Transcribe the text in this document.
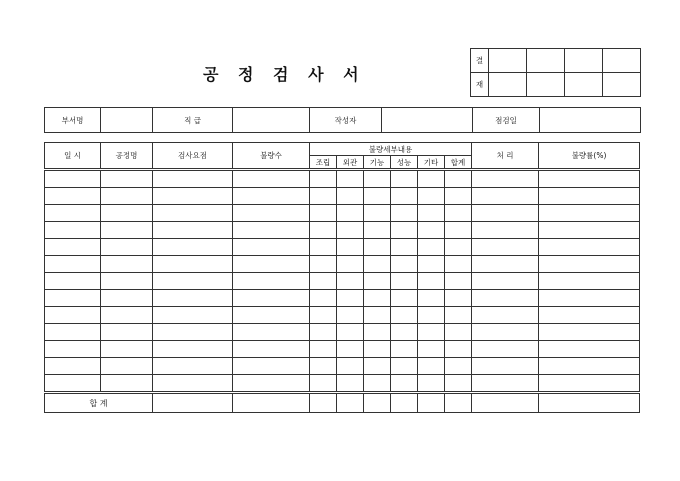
공 정 검 사 서
결				
재				
부서명		직 급		작성자		점검일	
일 시	공정명	검사요점	불량수	불량세부내용						처 리	불량률(%)
				조립	외관	기능	성능	기타	합계		

합 계											
